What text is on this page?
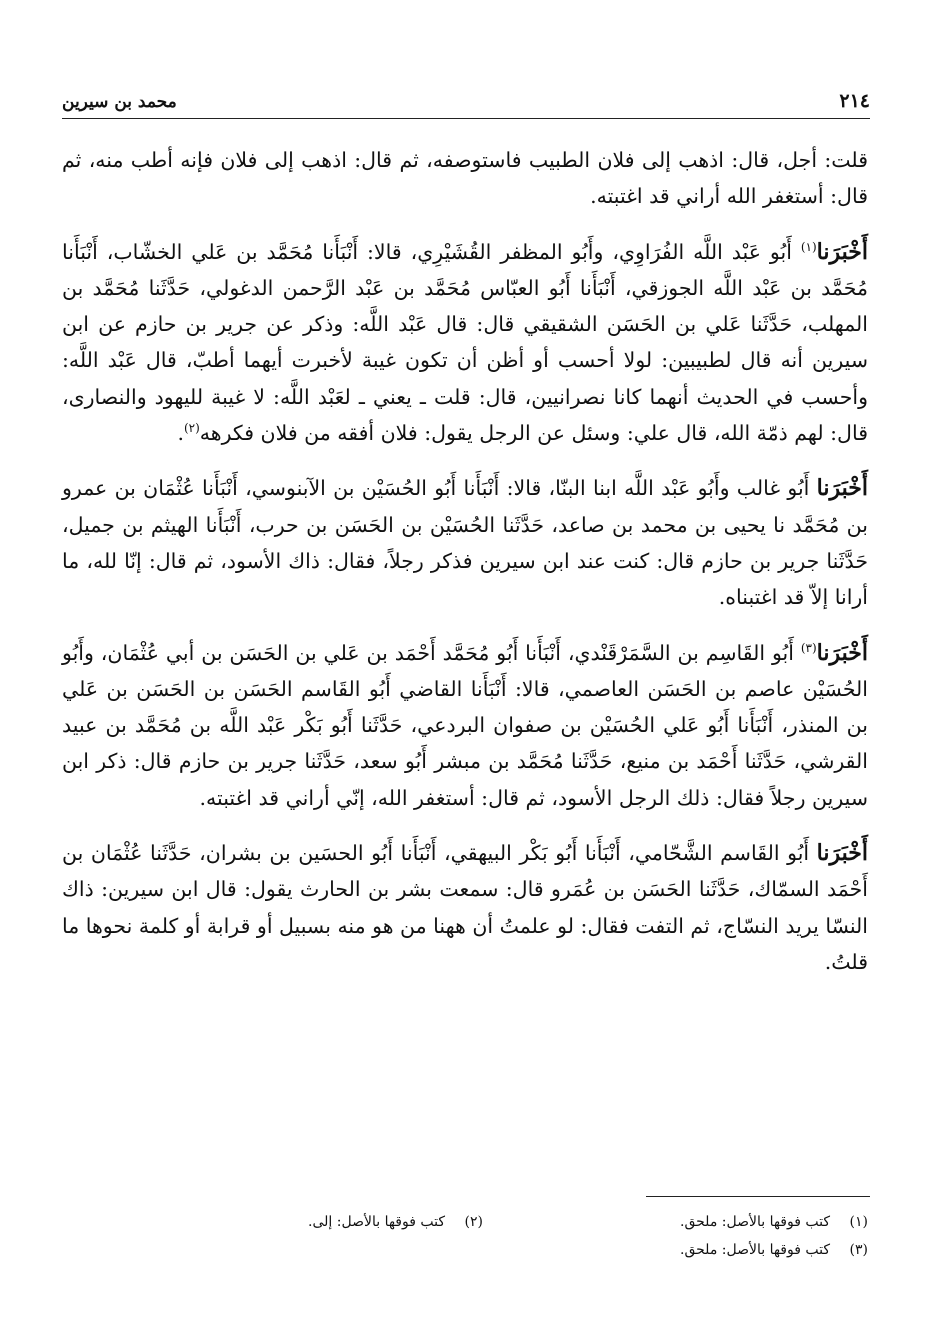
٢١٤
محمد بن سيرين

قلت: أجل، قال: اذهب إلى فلان الطبيب فاستوصفه، ثم قال: اذهب إلى فلان فإنه أطب منه، ثم قال: أستغفر الله أراني قد اغتبته.

أَخْبَرَنا$^{(١)}$ أَبُو عَبْد اللَّه الفُرَاوِي، وأَبُو المظفر القُشَيْرِي، قالا: أَنْبَأَنا مُحَمَّد بن عَلي الخشّاب، أَنْبَأَنا مُحَمَّد بن عَبْد اللَّه الجوزقي، أَنْبَأَنا أَبُو العبّاس مُحَمَّد بن عَبْد الرَّحمن الدغولي، حَدَّثَنا مُحَمَّد بن المهلب، حَدَّثَنا عَلي بن الحَسَن الشقيقي قال: قال عَبْد اللَّه: وذكر عن جرير بن حازم عن ابن سيرين أنه قال لطبيبين: لولا أحسب أو أظن أن تكون غيبة لأخبرت أيهما أطبّ، قال عَبْد اللَّه: وأحسب في الحديث أنهما كانا نصرانيين، قال: قلت ـ يعني ـ لعَبْد اللَّه: لا غيبة لليهود والنصارى، قال: لهم ذمّة الله، قال علي: وسئل عن الرجل يقول: فلان أفقه من فلان فكرهه$^{(٢)}$.

أَخْبَرَنا أَبُو غالب وأَبُو عَبْد اللَّه ابنا البنّا، قالا: أَنْبَأَنا أَبُو الحُسَيْن بن الآبنوسي، أَنْبَأَنا عُثْمَان بن عمرو بن مُحَمَّد نا يحيى بن محمد بن صاعد، حَدَّثَنا الحُسَيْن بن الحَسَن بن حرب، أَنْبَأَنا الهيثم بن جميل، حَدَّثَنا جرير بن حازم قال: كنت عند ابن سيرين فذكر رجلاً، فقال: ذاك الأسود، ثم قال: إنّا لله، ما أرانا إلاّ قد اغتبناه.

أَخْبَرَنا$^{(٣)}$ أَبُو القَاسِم بن السَّمَرْقَنْدي، أَنْبَأَنا أَبُو مُحَمَّد أَحْمَد بن عَلي بن الحَسَن بن أبي عُثْمَان، وأَبُو الحُسَيْن عاصم بن الحَسَن العاصمي، قالا: أَنْبَأَنا القاضي أَبُو القَاسم الحَسَن بن الحَسَن بن عَلي بن المنذر، أَنْبَأَنا أَبُو عَلي الحُسَيْن بن صفوان البردعي، حَدَّثَنا أَبُو بَكْر عَبْد اللَّه بن مُحَمَّد بن عبيد القرشي، حَدَّثَنا أَحْمَد بن منيع، حَدَّثَنا مُحَمَّد بن مبشر أَبُو سعد، حَدَّثَنا جرير بن حازم قال: ذكر ابن سيرين رجلاً فقال: ذلك الرجل الأسود، ثم قال: أستغفر الله، إنّي أراني قد اغتبته.

أَخْبَرَنا أَبُو القَاسم الشَّحّامي، أَنْبَأَنا أَبُو بَكْر البيهقي، أَنْبَأَنا أَبُو الحسَين بن بشران، حَدَّثَنا عُثْمَان بن أَحْمَد السمّاك، حَدَّثَنا الحَسَن بن عُمَرو قال: سمعت بشر بن الحارث يقول: قال ابن سيرين: ذاك النسّا يريد النسّاج، ثم التفت فقال: لو علمتُ أن ههنا من هو منه بسبيل أو قرابة أو كلمة نحوها ما قلتُ.

(١)كتب فوقها بالأصل: ملحق.
(٢)كتب فوقها بالأصل: إلى.
(٣)كتب فوقها بالأصل: ملحق.
